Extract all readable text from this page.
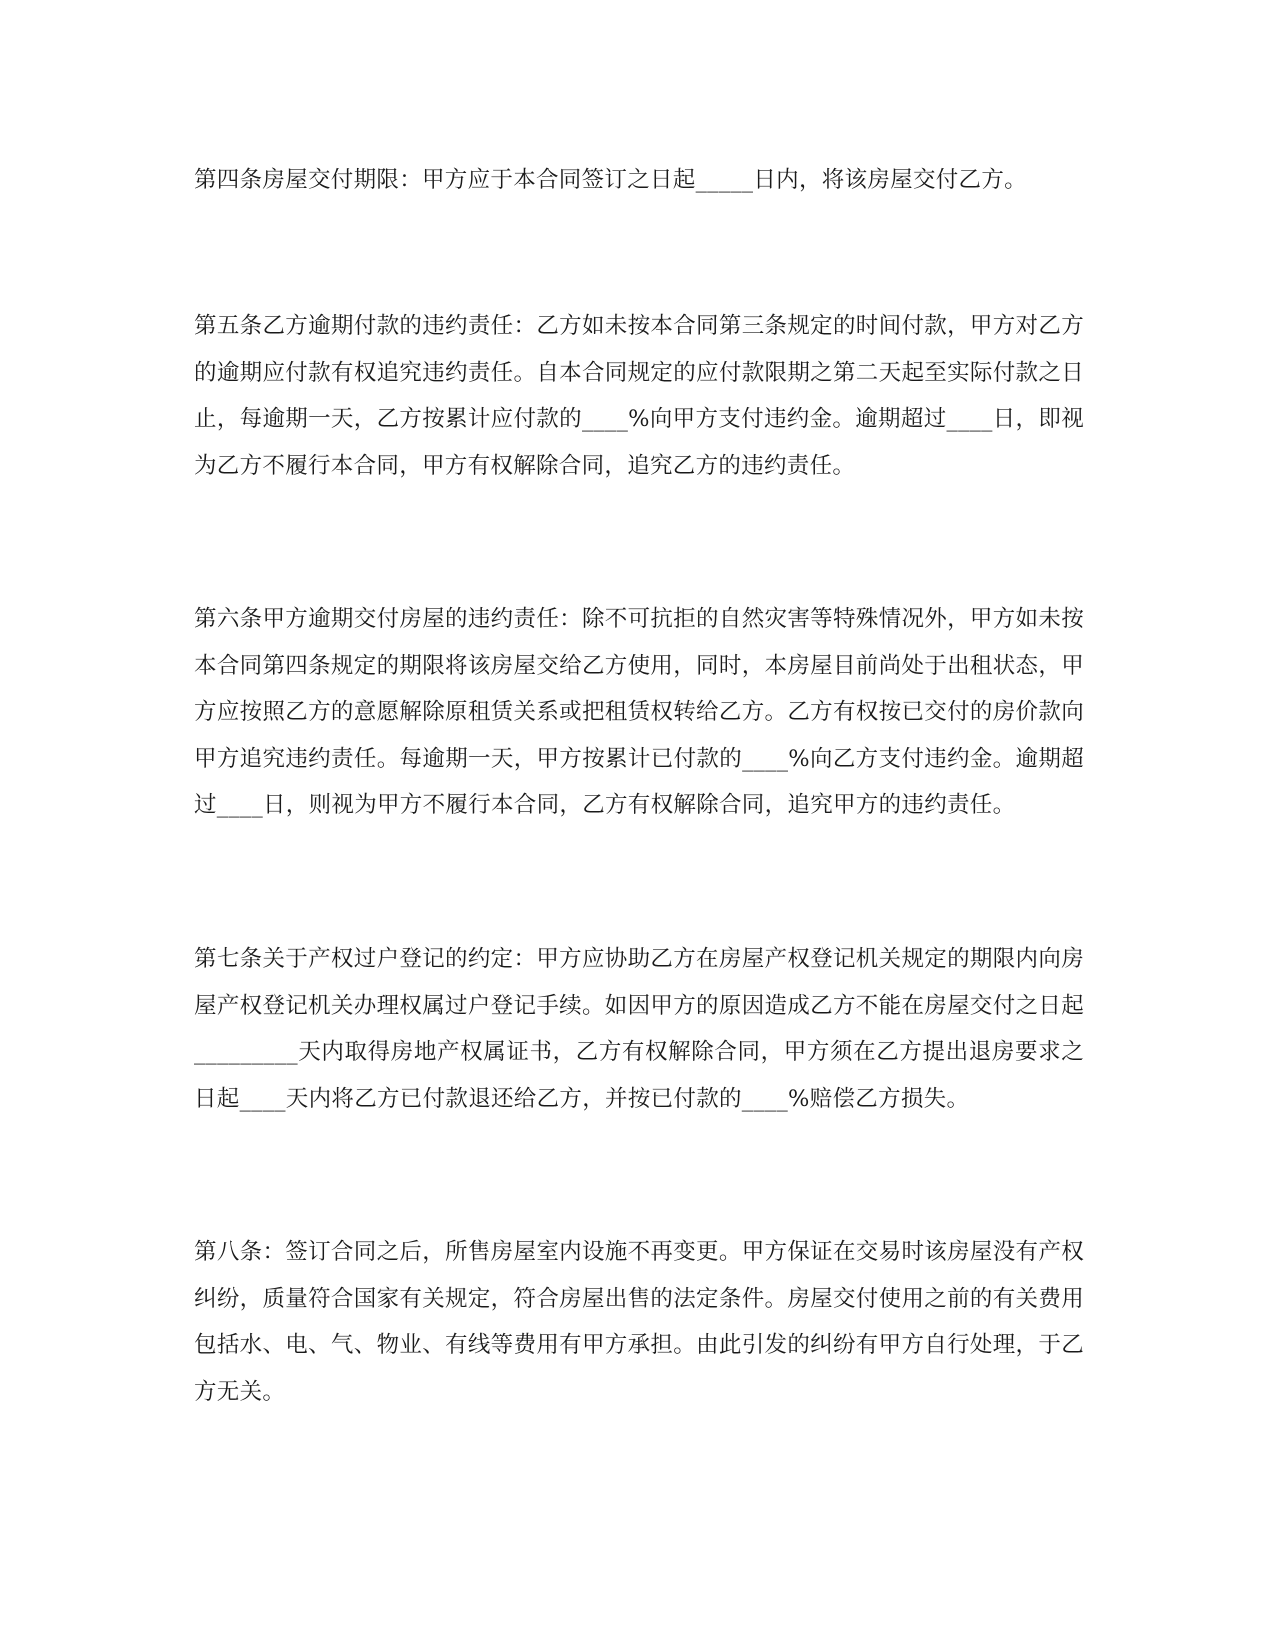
第四条房屋交付期限：甲方应于本合同签订之日起_____日内，将该房屋交付乙方。

第五条乙方逾期付款的违约责任：乙方如未按本合同第三条规定的时间付款，甲方对乙方的逾期应付款有权追究违约责任。自本合同规定的应付款限期之第二天起至实际付款之日止，每逾期一天，乙方按累计应付款的____%向甲方支付违约金。逾期超过____日，即视为乙方不履行本合同，甲方有权解除合同，追究乙方的违约责任。

第六条甲方逾期交付房屋的违约责任：除不可抗拒的自然灾害等特殊情况外，甲方如未按本合同第四条规定的期限将该房屋交给乙方使用，同时，本房屋目前尚处于出租状态，甲方应按照乙方的意愿解除原租赁关系或把租赁权转给乙方。乙方有权按已交付的房价款向甲方追究违约责任。每逾期一天，甲方按累计已付款的____%向乙方支付违约金。逾期超过____日，则视为甲方不履行本合同，乙方有权解除合同，追究甲方的违约责任。

第七条关于产权过户登记的约定：甲方应协助乙方在房屋产权登记机关规定的期限内向房屋产权登记机关办理权属过户登记手续。如因甲方的原因造成乙方不能在房屋交付之日起_________天内取得房地产权属证书，乙方有权解除合同，甲方须在乙方提出退房要求之日起____天内将乙方已付款退还给乙方，并按已付款的____%赔偿乙方损失。

第八条：签订合同之后，所售房屋室内设施不再变更。甲方保证在交易时该房屋没有产权纠纷，质量符合国家有关规定，符合房屋出售的法定条件。房屋交付使用之前的有关费用包括水、电、气、物业、有线等费用有甲方承担。由此引发的纠纷有甲方自行处理，于乙方无关。
